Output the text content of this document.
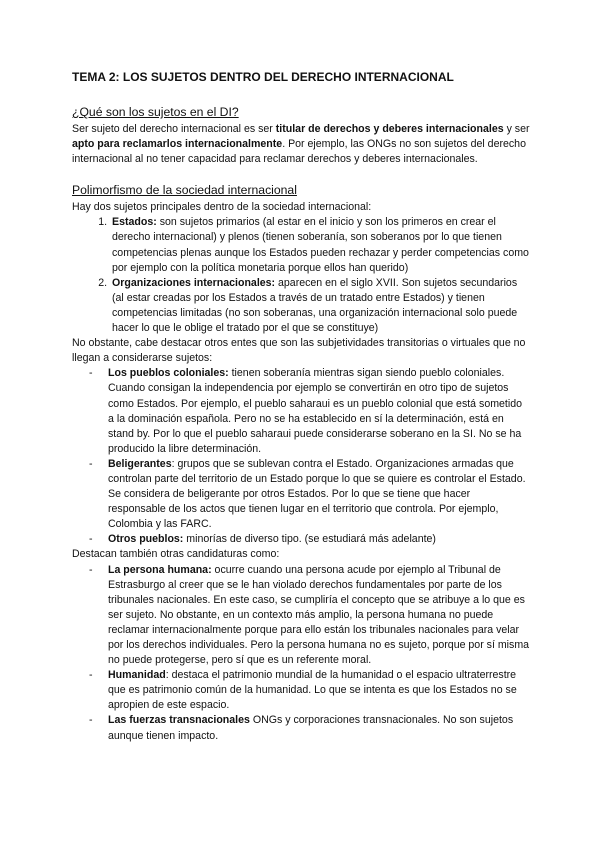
TEMA 2: LOS SUJETOS DENTRO DEL DERECHO INTERNACIONAL
¿Qué son los sujetos en el DI?

Ser sujeto del derecho internacional es ser titular de derechos y deberes internacionales y ser apto para reclamarlos internacionalmente. Por ejemplo, las ONGs no son sujetos del derecho internacional al no tener capacidad para reclamar derechos y deberes internacionales.

Polimorfismo de la sociedad internacional

Hay dos sujetos principales dentro de la sociedad internacional:

1. Estados: son sujetos primarios (al estar en el inicio y son los primeros en crear el derecho internacional) y plenos (tienen soberanía, son soberanos por lo que tienen competencias plenas aunque los Estados pueden rechazar y perder competencias como por ejemplo con la política monetaria porque ellos han querido)
2. Organizaciones internacionales: aparecen en el siglo XVII. Son sujetos secundarios (al estar creadas por los Estados a través de un tratado entre Estados) y tienen competencias limitadas (no son soberanas, una organización internacional solo puede hacer lo que le oblige el tratado por el que se constituye)

No obstante, cabe destacar otros entes que son las subjetividades transitorias o virtuales que no llegan a considerarse sujetos:

- Los pueblos coloniales: tienen soberanía mientras sigan siendo pueblo coloniales. Cuando consigan la independencia por ejemplo se convertirán en otro tipo de sujetos como Estados. Por ejemplo, el pueblo saharaui es un pueblo colonial que está sometido a la dominación española. Pero no se ha establecido en sí la determinación, está en stand by. Por lo que el pueblo saharaui puede considerarse soberano en la SI. No se ha producido la libre determinación.
- Beligerantes: grupos que se sublevan contra el Estado. Organizaciones armadas que controlan parte del territorio de un Estado porque lo que se quiere es controlar el Estado. Se considera de beligerante por otros Estados. Por lo que se tiene que hacer responsable de los actos que tienen lugar en el territorio que controla. Por ejemplo, Colombia y las FARC.
- Otros pueblos: minorías de diverso tipo. (se estudiará más adelante)

Destacan también otras candidaturas como:

- La persona humana: ocurre cuando una persona acude por ejemplo al Tribunal de Estrasburgo al creer que se le han violado derechos fundamentales por parte de los tribunales nacionales. En este caso, se cumpliría el concepto que se atribuye a lo que es ser sujeto. No obstante, en un contexto más amplio, la persona humana no puede reclamar internacionalmente porque para ello están los tribunales nacionales para velar por los derechos individuales. Pero la persona humana no es sujeto, porque por sí misma no puede protegerse, pero sí que es un referente moral.
- Humanidad: destaca el patrimonio mundial de la humanidad o el espacio ultraterrestre que es patrimonio común de la humanidad. Lo que se intenta es que los Estados no se apropien de este espacio.
- Las fuerzas transnacionales ONGs y corporaciones transnacionales. No son sujetos aunque tienen impacto.
